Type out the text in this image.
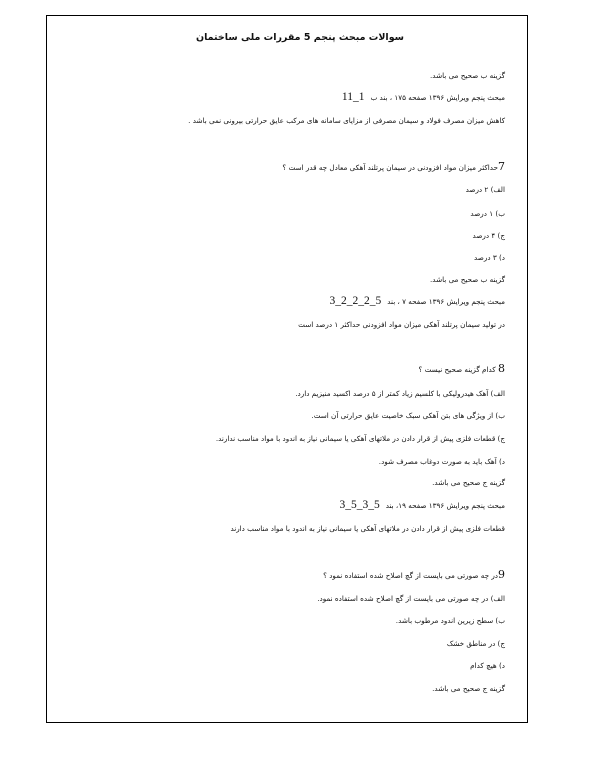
سوالات مبحث پنجم 5 مقررات ملی ساختمان
گزینه ب صحیح می باشد.
مبحث پنجم ویرایش ۱۳۹۶ صفحه ۱۷۵ ، بند ب1_11
کاهش میزان مصرف فولاد و سیمان مصرفی از مزایای سامانه های مرکب عایق حرارتی بیرونی نمی باشد .
7حداکثر میزان مواد افزودنی در سیمان پرتلند آهکی معادل چه قدر است ؟
الف) ۲ درصد
ب) ۱ درصد
ج) ۴ درصد
د) ۳ درصد
گزینه ب صحیح می باشد.
مبحث پنجم ویرایش ۱۳۹۶ صفحه ۷ ، بند5_2_2_2_3
در تولید سیمان پرتلند آهکی میزان مواد افزودنی حداکثر ۱ درصد است
8 کدام گزینه صحیح نیست ؟
الف) آهک هیدرولیکی با کلسیم زیاد کمتر از ۵ درصد اکسید منیزیم دارد.
ب) از ویژگی های بتن آهکی سبک خاصیت عایق حرارتی آن است.
ج) قطعات فلزی پیش از قرار دادن در ملاتهای آهکی یا سیمانی نیاز به اندود با مواد مناسب ندارند.
د) آهک باید به صورت دوغاب مصرف شود.
گزینه ج صحیح می باشد.
مبحث پنجم ویرایش ۱۳۹۶ صفحه ۱۹، بند5_3_5_3
قطعات فلزی پیش از قرار دادن در ملاتهای آهکی یا سیمانی نیاز به اندود با مواد مناسب دارند
9در چه صورتی می بایست از گچ اصلاح شده استفاده نمود ؟
الف) در چه صورتی می بایست از گچ اصلاح شده استفاده نمود.
ب) سطح زیرین اندود مرطوب باشد.
ج) در مناطق خشک
د) هیچ کدام
گزینه ج صحیح می باشد.
